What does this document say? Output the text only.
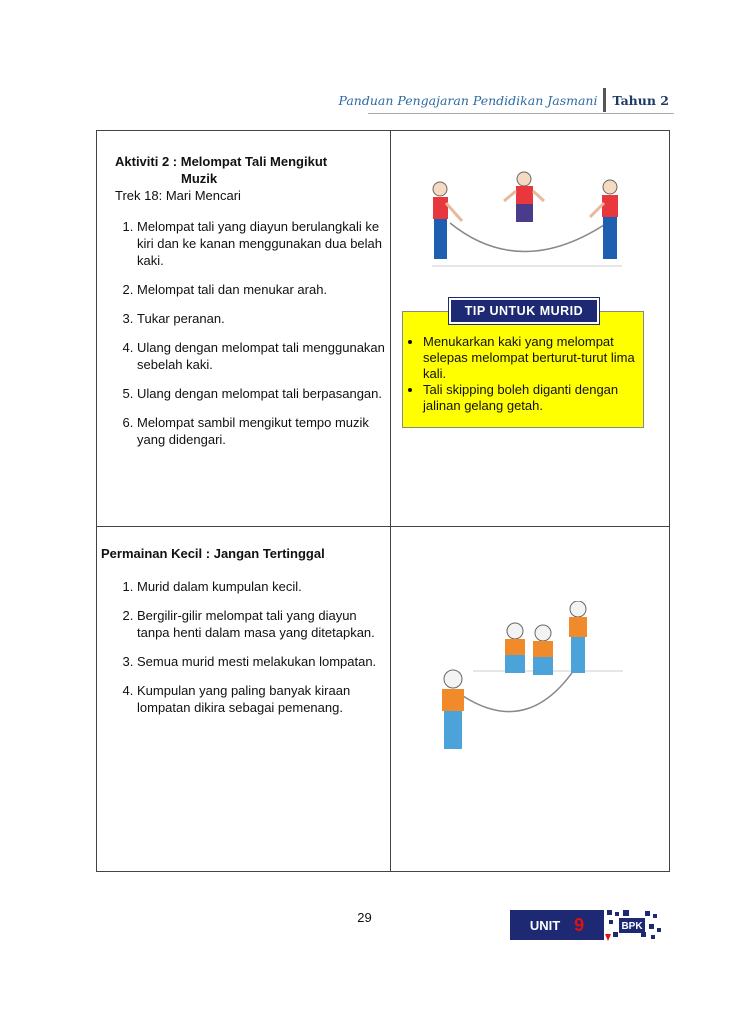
Panduan Pengajaran Pendidikan Jasmani	Tahun 2
Aktiviti 2 : Melompat Tali Mengikut
Muzik
Trek 18: Mari Mencari
1. Melompat tali yang diayun berulangkali ke kiri dan ke kanan menggunakan dua belah kaki.
2. Melompat tali dan menukar arah.
3. Tukar peranan.
4. Ulang dengan melompat tali menggunakan sebelah kaki.
5. Ulang dengan melompat tali berpasangan.
6. Melompat sambil mengikut tempo muzik yang didengari.
• Menukarkan kaki yang melompat selepas melompat berturut-turut lima kali.
• Tali skipping boleh diganti dengan jalinan gelang getah.
TIP UNTUK MURID
Permainan Kecil : Jangan Tertinggal
1. Murid dalam kumpulan kecil.
2. Bergilir-gilir melompat tali yang diayun tanpa henti dalam masa yang ditetapkan.
3. Semua murid mesti melakukan lompatan.
4. Kumpulan yang paling banyak kiraan lompatan dikira sebagai pemenang.
29	UNIT 9	BPK
